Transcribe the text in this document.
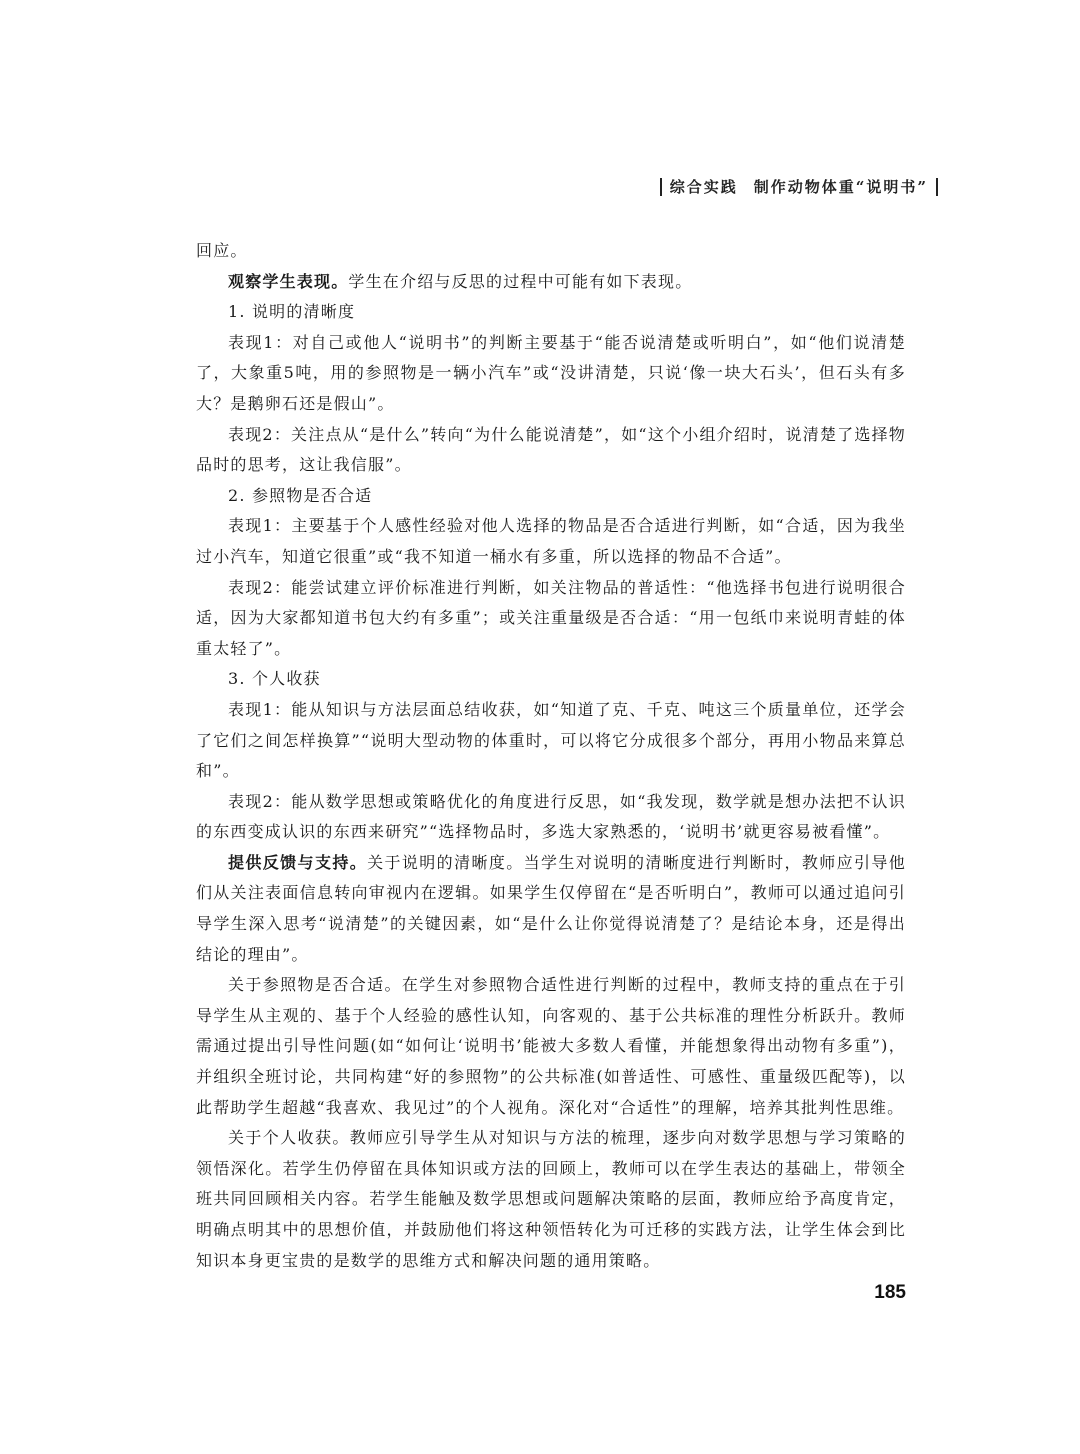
综合实践 制作动物体重“说明书”

回应。

观察学生表现。学生在介绍与反思的过程中可能有如下表现。

1. 说明的清晰度

表现1：对自己或他人“说明书”的判断主要基于“能否说清楚或听明白”，如“他们说清楚了，大象重5吨，用的参照物是一辆小汽车”或“没讲清楚，只说‘像一块大石头’，但石头有多大？是鹅卵石还是假山”。

表现2：关注点从“是什么”转向“为什么能说清楚”，如“这个小组介绍时，说清楚了选择物品时的思考，这让我信服”。

2. 参照物是否合适

表现1：主要基于个人感性经验对他人选择的物品是否合适进行判断，如“合适，因为我坐过小汽车，知道它很重”或“我不知道一桶水有多重，所以选择的物品不合适”。

表现2：能尝试建立评价标准进行判断，如关注物品的普适性：“他选择书包进行说明很合适，因为大家都知道书包大约有多重”；或关注重量级是否合适：“用一包纸巾来说明青蛙的体重太轻了”。

3. 个人收获

表现1：能从知识与方法层面总结收获，如“知道了克、千克、吨这三个质量单位，还学会了它们之间怎样换算”“说明大型动物的体重时，可以将它分成很多个部分，再用小物品来算总和”。

表现2：能从数学思想或策略优化的角度进行反思，如“我发现，数学就是想办法把不认识的东西变成认识的东西来研究”“选择物品时，多选大家熟悉的，‘说明书’就更容易被看懂”。

提供反馈与支持。关于说明的清晰度。当学生对说明的清晰度进行判断时，教师应引导他们从关注表面信息转向审视内在逻辑。如果学生仅停留在“是否听明白”，教师可以通过追问引导学生深入思考“说清楚”的关键因素，如“是什么让你觉得说清楚了？是结论本身，还是得出结论的理由”。

关于参照物是否合适。在学生对参照物合适性进行判断的过程中，教师支持的重点在于引导学生从主观的、基于个人经验的感性认知，向客观的、基于公共标准的理性分析跃升。教师需通过提出引导性问题(如“如何让‘说明书’能被大多数人看懂，并能想象得出动物有多重”)，并组织全班讨论，共同构建“好的参照物”的公共标准(如普适性、可感性、重量级匹配等)，以此帮助学生超越“我喜欢、我见过”的个人视角。深化对“合适性”的理解，培养其批判性思维。

关于个人收获。教师应引导学生从对知识与方法的梳理，逐步向对数学思想与学习策略的领悟深化。若学生仍停留在具体知识或方法的回顾上，教师可以在学生表达的基础上，带领全班共同回顾相关内容。若学生能触及数学思想或问题解决策略的层面，教师应给予高度肯定，明确点明其中的思想价值，并鼓励他们将这种领悟转化为可迁移的实践方法，让学生体会到比知识本身更宝贵的是数学的思维方式和解决问题的通用策略。

185
